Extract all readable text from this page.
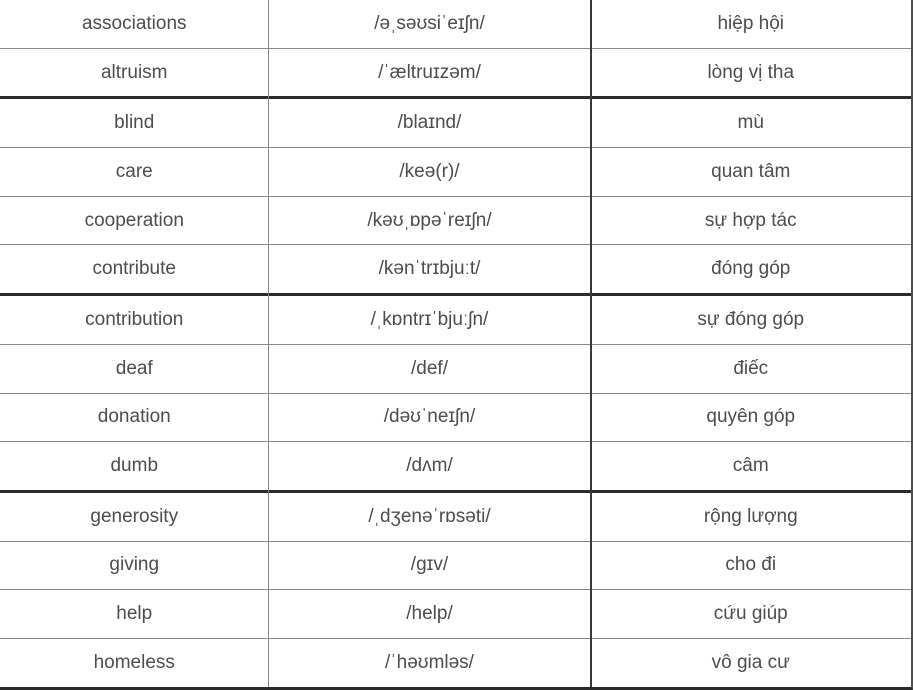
associations	/əˌsəʊsiˈeɪʃn/	hiệp hội
altruism	/ˈæltruɪzəm/	lòng vị tha
blind	/blaɪnd/	mù
care	/keə(r)/	quan tâm
cooperation	/kəʊˌɒpəˈreɪʃn/	sự hợp tác
contribute	/kənˈtrɪbjuːt/	đóng góp
contribution	/ˌkɒntrɪˈbjuːʃn/	sự đóng góp
deaf	/def/	điếc
donation	/dəʊˈneɪʃn/	quyên góp
dumb	/dʌm/	câm
generosity	/ˌdʒenəˈrɒsəti/	rộng lượng
giving	/gɪv/	cho đi
help	/help/	cứu giúp
homeless	/ˈhəʊmləs/	vô gia cư
